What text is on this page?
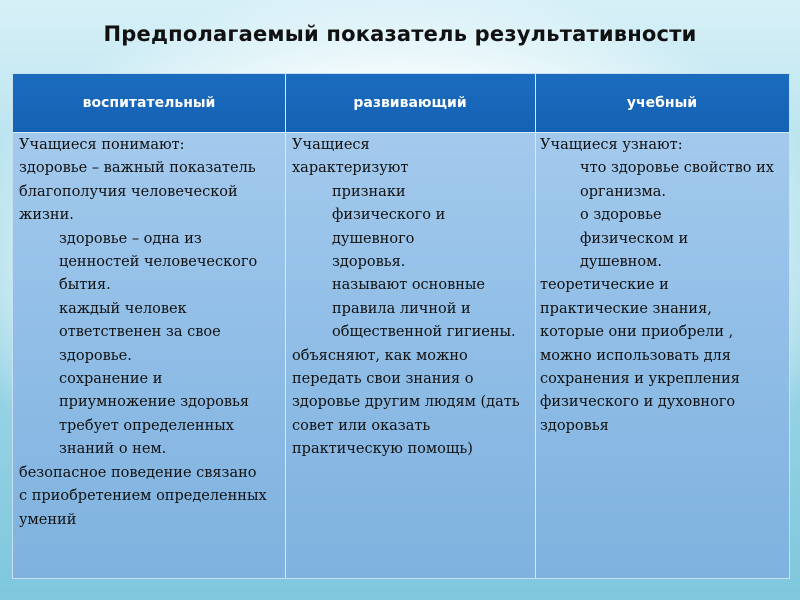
Предполагаемый показатель результативности
воспитательный	развивающий	учебный

Учащиеся понимают:

здоровье – важный показатель благополучия человеческой жизни.

здоровье – одна из ценностей человеческого бытия.

каждый человек ответственен за свое здоровье.

сохранение и приумножение здоровья требует определенных знаний о нем.

безопасное поведение связано с приобретением определенных умений

Учащиеся характеризуют

признаки физического и душевного здоровья.

называют основные правила личной и общественной гигиены.

объясняют, как можно передать свои знания о здоровье другим людям (дать совет или оказать практическую помощь)

Учащиеся узнают:

что здоровье свойство их организма.

о здоровье физическом и душевном.

теоретические и практические знания, которые они приобрели , можно использовать для сохранения и укрепления физического и духовного здоровья
